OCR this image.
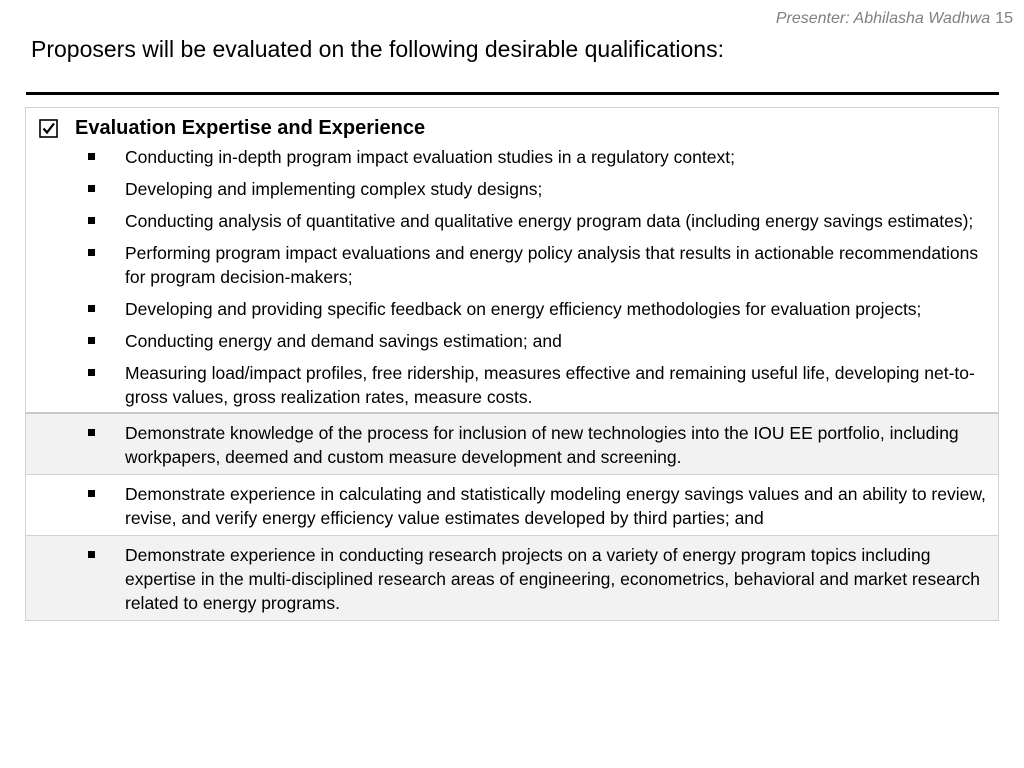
Presenter: Abhilasha Wadhwa 15
Proposers will be evaluated on the following desirable qualifications:
Evaluation Expertise and Experience
Conducting in-depth program impact evaluation studies in a regulatory context;
Developing and implementing complex study designs;
Conducting analysis of quantitative and qualitative energy program data (including energy savings estimates);
Performing program impact evaluations and energy policy analysis that results in actionable recommendations for program decision-makers;
Developing and providing specific feedback on energy efficiency methodologies for evaluation projects;
Conducting energy and demand savings estimation; and
Measuring load/impact profiles, free ridership, measures effective and remaining useful life, developing net-to-gross values, gross realization rates, measure costs.
Demonstrate knowledge of the process for inclusion of new technologies into the IOU EE portfolio, including workpapers, deemed and custom measure development and screening.
Demonstrate experience in calculating and statistically modeling energy savings values and an ability to review, revise, and verify energy efficiency value estimates developed by third parties; and
Demonstrate experience in conducting research projects on a variety of energy program topics including expertise in the multi-disciplined research areas of engineering, econometrics, behavioral and market research related to energy programs.
